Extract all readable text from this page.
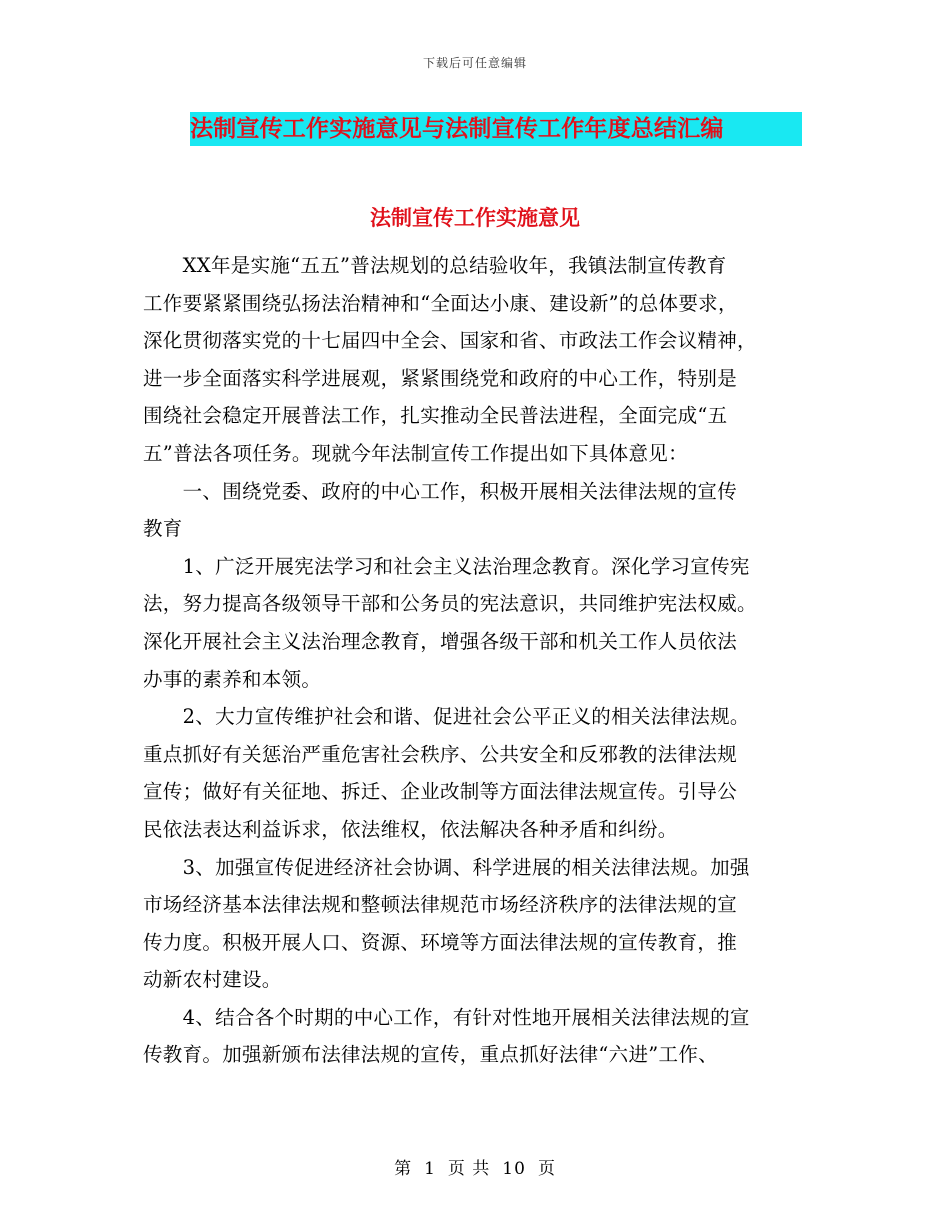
下载后可任意编辑
法制宣传工作实施意见与法制宣传工作年度总结汇编
法制宣传工作实施意见
　　XX年是实施“五五”普法规划的总结验收年，我镇法制宣传教育
工作要紧紧围绕弘扬法治精神和“全面达小康、建设新”的总体要求，
深化贯彻落实党的十七届四中全会、国家和省、市政法工作会议精神，
进一步全面落实科学进展观，紧紧围绕党和政府的中心工作，特别是
围绕社会稳定开展普法工作，扎实推动全民普法进程，全面完成“五
五”普法各项任务。现就今年法制宣传工作提出如下具体意见：
　　一、围绕党委、政府的中心工作，积极开展相关法律法规的宣传
教育
　　1、广泛开展宪法学习和社会主义法治理念教育。深化学习宣传宪
法，努力提高各级领导干部和公务员的宪法意识，共同维护宪法权威。
深化开展社会主义法治理念教育，增强各级干部和机关工作人员依法
办事的素养和本领。
　　2、大力宣传维护社会和谐、促进社会公平正义的相关法律法规。
重点抓好有关惩治严重危害社会秩序、公共安全和反邪教的法律法规
宣传；做好有关征地、拆迁、企业改制等方面法律法规宣传。引导公
民依法表达利益诉求，依法维权，依法解决各种矛盾和纠纷。
　　3、加强宣传促进经济社会协调、科学进展的相关法律法规。加强
市场经济基本法律法规和整顿法律规范市场经济秩序的法律法规的宣
传力度。积极开展人口、资源、环境等方面法律法规的宣传教育，推
动新农村建设。
　　4、结合各个时期的中心工作，有针对性地开展相关法律法规的宣
传教育。加强新颁布法律法规的宣传，重点抓好法律“六进”工作、
第 1 页 共 10 页
